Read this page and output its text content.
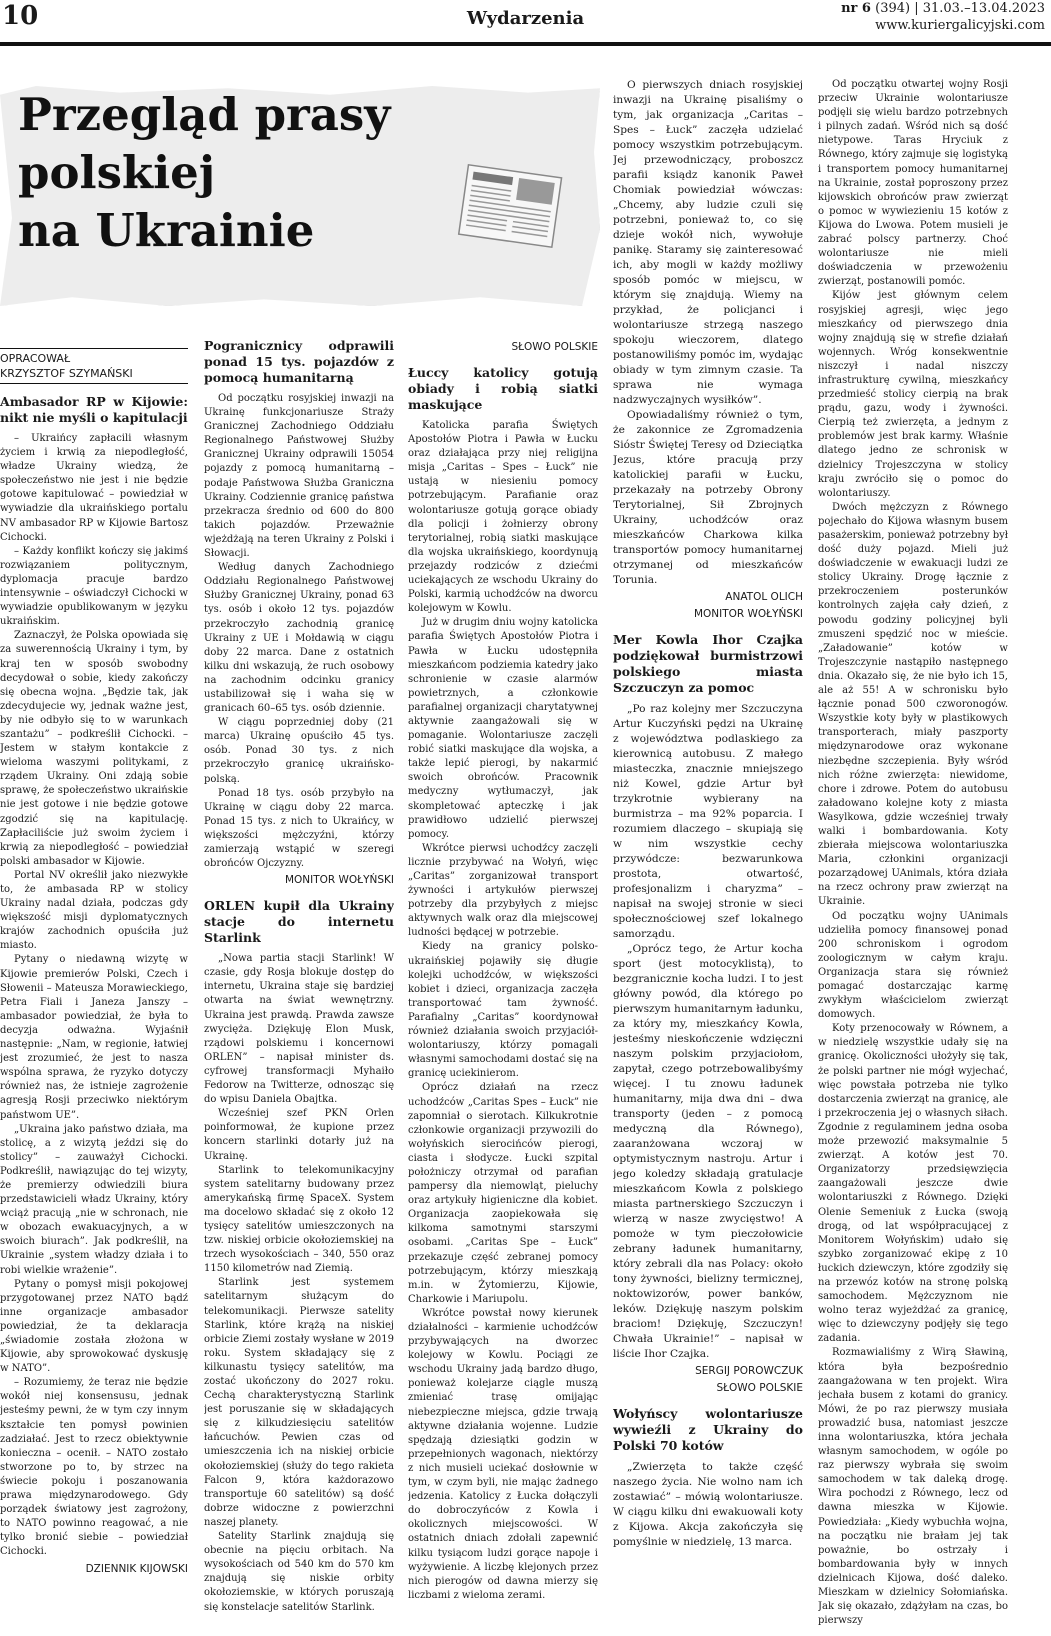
10	Wydarzenia	nr 6 (394) | 31.03.–13.04.2023
www.kuriergalicyjski.com
Przegląd prasy
polskiej
na Ukrainie
OPRACOWAŁ
KRZYSZTOF SZYMAŃSKI
Ambasador RP w Kijowie: nikt nie myśli o kapitulacji

– Ukraińcy zapłacili własnym życiem i krwią za niepodległość, władze Ukrainy wiedzą, że społeczeństwo nie jest i nie będzie gotowe kapitulować – powiedział w wywiadzie dla ukraińskiego portalu NV ambasador RP w Kijowie Bartosz Cichocki.

– Każdy konflikt kończy się jakimś rozwiązaniem politycznym, dyplomacja pracuje bardzo intensywnie – oświadczył Cichocki w wywiadzie opublikowanym w języku ukraińskim.

Zaznaczył, że Polska opowiada się za suwerennością Ukrainy i tym, by kraj ten w sposób swobodny decydował o sobie, kiedy zakończy się obecna wojna. „Będzie tak, jak zdecydujecie wy, jednak ważne jest, by nie odbyło się to w warunkach szantażu” – podkreślił Cichocki. – Jestem w stałym kontakcie z wieloma waszymi politykami, z rządem Ukrainy. Oni zdają sobie sprawę, że społeczeństwo ukraińskie nie jest gotowe i nie będzie gotowe zgodzić się na kapitulację. Zapłaciliście już swoim życiem i krwią za niepodległość – powiedział polski ambasador w Kijowie.

Portal NV określił jako niezwykłe to, że ambasada RP w stolicy Ukrainy nadal działa, podczas gdy większość misji dyplomatycznych krajów zachodnich opuściła już miasto.

Pytany o niedawną wizytę w Kijowie premierów Polski, Czech i Słowenii – Mateusza Morawieckiego, Petra Fiali i Janeza Janszy – ambasador powiedział, że była to decyzja odważna. Wyjaśnił następnie: „Nam, w regionie, łatwiej jest zrozumieć, że jest to nasza wspólna sprawa, że ryzyko dotyczy również nas, że istnieje zagrożenie agresją Rosji przeciwko niektórym państwom UE”.

„Ukraina jako państwo działa, ma stolicę, a z wizytą jeździ się do stolicy” – zauważył Cichocki. Podkreślił, nawiązując do tej wizyty, że premierzy odwiedzili biura przedstawicieli władz Ukrainy, który wciąż pracują „nie w schronach, nie w obozach ewakuacyjnych, a w swoich biurach”. Jak podkreślił, na Ukrainie „system władzy działa i to robi wielkie wrażenie”.

Pytany o pomysł misji pokojowej przygotowanej przez NATO bądź inne organizacje ambasador powiedział, że ta deklaracja „świadomie została złożona w Kijowie, aby sprowokować dyskusję w NATO”.

– Rozumiemy, że teraz nie będzie wokół niej konsensusu, jednak jesteśmy pewni, że w tym czy innym kształcie ten pomysł powinien zadziałać. Jest to rzecz obiektywnie konieczna – ocenił. – NATO zostało stworzone po to, by strzec na świecie pokoju i poszanowania prawa międzynarodowego. Gdy porządek światowy jest zagrożony, to NATO powinno reagować, a nie tylko bronić siebie – powiedział Cichocki.

DZIENNIK KIJOWSKI
Pogranicznicy odprawili ponad 15 tys. pojazdów z pomocą humanitarną

Od początku rosyjskiej inwazji na Ukrainę funkcjonariusze Straży Granicznej Zachodniego Oddziału Regionalnego Państwowej Służby Granicznej Ukrainy odprawili 15054 pojazdy z pomocą humanitarną – podaje Państwowa Służba Graniczna Ukrainy. Codziennie granicę państwa przekracza średnio od 600 do 800 takich pojazdów. Przeważnie wjeżdżają na teren Ukrainy z Polski i Słowacji.

Według danych Zachodniego Oddziału Regionalnego Państwowej Służby Granicznej Ukrainy, ponad 63 tys. osób i około 12 tys. pojazdów przekroczyło zachodnią granicę Ukrainy z UE i Mołdawią w ciągu doby 22 marca. Dane z ostatnich kilku dni wskazują, że ruch osobowy na zachodnim odcinku granicy ustabilizował się i waha się w granicach 60–65 tys. osób dziennie.

W ciągu poprzedniej doby (21 marca) Ukrainę opuściło 45 tys. osób. Ponad 30 tys. z nich przekroczyło granicę ukraińsko-polską.

Ponad 18 tys. osób przybyło na Ukrainę w ciągu doby 22 marca. Ponad 15 tys. z nich to Ukraińcy, w większości mężczyźni, którzy zamierzają wstąpić w szeregi obrońców Ojczyzny.

MONITOR WOŁYŃSKI
ORLEN kupił dla Ukrainy stacje do internetu Starlink

„Nowa partia stacji Starlink! W czasie, gdy Rosja blokuje dostęp do internetu, Ukraina staje się bardziej otwarta na świat wewnętrzny. Ukraina jest prawdą. Prawda zawsze zwycięża. Dziękuję Elon Musk, rządowi polskiemu i koncernowi ORLEN” – napisał minister ds. cyfrowej transformacji Myhaiło Fedorow na Twitterze, odnosząc się do wpisu Daniela Obajtka.

Wcześniej szef PKN Orlen poinformował, że kupione przez koncern starlinki dotarły już na Ukrainę.

Starlink to telekomunikacyjny system satelitarny budowany przez amerykańską firmę SpaceX. System ma docelowo składać się z około 12 tysięcy satelitów umieszczonych na tzw. niskiej orbicie okołoziemskiej na trzech wysokościach – 340, 550 oraz 1150 kilometrów nad Ziemią.

Starlink jest systemem satelitarnym służącym do telekomunikacji. Pierwsze satelity Starlink, które krążą na niskiej orbicie Ziemi zostały wysłane w 2019 roku. System składający się z kilkunastu tysięcy satelitów, ma zostać ukończony do 2027 roku. Cechą charakterystyczną Starlink jest poruszanie się w składających się z kilkudziesięciu satelitów łańcuchów. Pewien czas od umieszczenia ich na niskiej orbicie okołoziemskiej (służy do tego rakieta Falcon 9, która każdorazowo transportuje 60 satelitów) są dość dobrze widoczne z powierzchni naszej planety.

Satelity Starlink znajdują się obecnie na pięciu orbitach. Na wysokościach od 540 km do 570 km znajdują się niskie orbity okołoziemskie, w których poruszają się konstelacje satelitów Starlink.

SŁOWO POLSKIE
Łuccy katolicy gotują obiady i robią siatki maskujące

Katolicka parafia Świętych Apostołów Piotra i Pawła w Łucku oraz działająca przy niej religijna misja „Caritas – Spes – Łuck” nie ustają w niesieniu pomocy potrzebującym. Parafianie oraz wolontariusze gotują gorące obiady dla policji i żołnierzy obrony terytorialnej, robią siatki maskujące dla wojska ukraińskiego, koordynują przejazdy rodziców z dziećmi uciekających ze wschodu Ukrainy do Polski, karmią uchodźców na dworcu kolejowym w Kowlu.

Już w drugim dniu wojny katolicka parafia Świętych Apostołów Piotra i Pawła w Łucku udostępniła mieszkańcom podziemia katedry jako schronienie w czasie alarmów powietrznych, a członkowie parafialnej organizacji charytatywnej aktywnie zaangażowali się w pomaganie. Wolontariusze zaczęli robić siatki maskujące dla wojska, a także lepić pierogi, by nakarmić swoich obrońców. Pracownik medyczny wytłumaczył, jak skompletować apteczkę i jak prawidłowo udzielić pierwszej pomocy.

Wkrótce pierwsi uchodźcy zaczęli licznie przybywać na Wołyń, więc „Caritas” zorganizował transport żywności i artykułów pierwszej potrzeby dla przybyłych z miejsc aktywnych walk oraz dla miejscowej ludności będącej w potrzebie.

Kiedy na granicy polsko-ukraińskiej pojawiły się długie kolejki uchodźców, w większości kobiet i dzieci, organizacja zaczęła transportować tam żywność. Parafialny „Caritas” koordynował również działania swoich przyjaciół-wolontariuszy, którzy pomagali własnymi samochodami dostać się na granicę uciekinierom.

Oprócz działań na rzecz uchodźców „Caritas Spes – Łuck” nie zapomniał o sierotach. Kilkukrotnie członkowie organizacji przywozili do wołyńskich sierocińców pierogi, ciasta i słodycze. Łucki szpital położniczy otrzymał od parafian pampersy dla niemowląt, pieluchy oraz artykuły higieniczne dla kobiet. Organizacja zaopiekowała się kilkoma samotnymi starszymi osobami. „Caritas Spe – Łuck” przekazuje część zebranej pomocy potrzebującym, którzy mieszkają m.in. w Żytomierzu, Kijowie, Charkowie i Mariupolu.

Wkrótce powstał nowy kierunek działalności – karmienie uchodźców przybywających na dworzec kolejowy w Kowlu. Pociągi ze wschodu Ukrainy jadą bardzo długo, ponieważ kolejarze ciągle muszą zmieniać trasę omijając niebezpieczne miejsca, gdzie trwają aktywne działania wojenne. Ludzie spędzają dziesiątki godzin w przepełnionych wagonach, niektórzy z nich musieli uciekać dosłownie w tym, w czym byli, nie mając żadnego jedzenia. Katolicy z Łucka dołączyli do dobroczyńców z Kowla i okolicznych miejscowości. W ostatnich dniach zdołali zapewnić kilku tysiącom ludzi gorące napoje i wyżywienie. A liczbę klejonych przez nich pierogów od dawna mierzy się liczbami z wieloma zerami.

O pierwszych dniach rosyjskiej inwazji na Ukrainę pisaliśmy o tym, jak organizacja „Caritas – Spes – Łuck” zaczęła udzielać pomocy wszystkim potrzebującym. Jej przewodniczący, proboszcz parafii ksiądz kanonik Paweł Chomiak powiedział wówczas: „Chcemy, aby ludzie czuli się potrzebni, ponieważ to, co się dzieje wokół nich, wywołuje panikę. Staramy się zainteresować ich, aby mogli w każdy możliwy sposób pomóc w miejscu, w którym się znajdują. Wiemy na przykład, że policjanci i wolontariusze strzegą naszego spokoju wieczorem, dlatego postanowiliśmy pomóc im, wydając obiady w tym zimnym czasie. Ta sprawa nie wymaga nadzwyczajnych wysiłków”.

Opowiadaliśmy również o tym, że zakonnice ze Zgromadzenia Sióstr Świętej Teresy od Dzieciątka Jezus, które pracują przy katolickiej parafii w Łucku, przekazały na potrzeby Obrony Terytorialnej, Sił Zbrojnych Ukrainy, uchodźców oraz mieszkańców Charkowa kilka transportów pomocy humanitarnej otrzymanej od mieszkańców Torunia.

ANATOL OLICH
MONITOR WOŁYŃSKI
Mer Kowla Ihor Czajka podziękował burmistrzowi polskiego miasta Szczuczyn za pomoc

„Po raz kolejny mer Szczuczyna Artur Kuczyński pędzi na Ukrainę z województwa podlaskiego za kierownicą autobusu. Z małego miasteczka, znacznie mniejszego niż Kowel, gdzie Artur był trzykrotnie wybierany na burmistrza – ma 92% poparcia. I rozumiem dlaczego – skupiają się w nim wszystkie cechy przywódcze: bezwarunkowa prostota, otwartość, profesjonalizm i charyzma” – napisał na swojej stronie w sieci społecznościowej szef lokalnego samorządu.

„Oprócz tego, że Artur kocha sport (jest motocyklistą), to bezgranicznie kocha ludzi. I to jest główny powód, dla którego po pierwszym humanitarnym ładunku, za który my, mieszkańcy Kowla, jesteśmy nieskończenie wdzięczni naszym polskim przyjaciołom, zapytał, czego potrzebowalibyśmy więcej. I tu znowu ładunek humanitarny, mija dwa dni – dwa transporty (jeden – z pomocą medyczną dla Równego), zaaranżowana wczoraj w optymistycznym nastroju. Artur i jego koledzy składają gratulacje mieszkańcom Kowla z polskiego miasta partnerskiego Szczuczyn i wierzą w nasze zwycięstwo! A pomoże w tym pieczołowicie zebrany ładunek humanitarny, który zebrali dla nas Polacy: około tony żywności, bielizny termicznej, noktowizorów, power banków, leków. Dziękuję naszym polskim braciom! Dziękuję, Szczuczyn! Chwała Ukrainie!” – napisał w liście Ihor Czajka.

SERGIJ POROWCZUK
SŁOWO POLSKIE
Wołyńscy wolontariusze wywieźli z Ukrainy do Polski 70 kotów

„Zwierzęta to także część naszego życia. Nie wolno nam ich zostawiać” – mówią wolontariusze. W ciągu kilku dni ewakuowali koty z Kijowa. Akcja zakończyła się pomyślnie w niedzielę, 13 marca.

Od początku otwartej wojny Rosji przeciw Ukrainie wolontariusze podjęli się wielu bardzo potrzebnych i pilnych zadań. Wśród nich są dość nietypowe. Taras Hryciuk z Równego, który zajmuje się logistyką i transportem pomocy humanitarnej na Ukrainie, został poproszony przez kijowskich obrońców praw zwierząt o pomoc w wywiezieniu 15 kotów z Kijowa do Lwowa. Potem musieli je zabrać polscy partnerzy. Choć wolontariusze nie mieli doświadczenia w przewożeniu zwierząt, postanowili pomóc.

Kijów jest głównym celem rosyjskiej agresji, więc jego mieszkańcy od pierwszego dnia wojny znajdują się w strefie działań wojennych. Wróg konsekwentnie niszczył i nadal niszczy infrastrukturę cywilną, mieszkańcy przedmieść stolicy cierpią na brak prądu, gazu, wody i żywności. Cierpią też zwierzęta, a jednym z problemów jest brak karmy. Właśnie dlatego jedno ze schronisk w dzielnicy Trojeszczyna w stolicy kraju zwróciło się o pomoc do wolontariuszy.

Dwóch mężczyzn z Równego pojechało do Kijowa własnym busem pasażerskim, ponieważ potrzebny był dość duży pojazd. Mieli już doświadczenie w ewakuacji ludzi ze stolicy Ukrainy. Drogę łącznie z przekroczeniem posterunków kontrolnych zajęła cały dzień, z powodu godziny policyjnej byli zmuszeni spędzić noc w mieście. „Załadowanie” kotów w Trojeszczynie nastąpiło następnego dnia. Okazało się, że nie było ich 15, ale aż 55! A w schronisku było łącznie ponad 500 czworonogów. Wszystkie koty były w plastikowych transporterach, miały paszporty międzynarodowe oraz wykonane niezbędne szczepienia. Były wśród nich różne zwierzęta: niewidome, chore i zdrowe. Potem do autobusu załadowano kolejne koty z miasta Wasylkowa, gdzie wcześniej trwały walki i bombardowania. Koty zbierała miejscowa wolontariuszka Maria, członkini organizacji pozarządowej UAnimals, która działa na rzecz ochrony praw zwierząt na Ukrainie.

Od początku wojny UAnimals udzieliła pomocy finansowej ponad 200 schroniskom i ogrodom zoologicznym w całym kraju. Organizacja stara się również pomagać dostarczając karmę zwykłym właścicielom zwierząt domowych.

Koty przenocowały w Równem, a w niedzielę wszystkie udały się na granicę. Okoliczności ułożyły się tak, że polski partner nie mógł wyjechać, więc powstała potrzeba nie tylko dostarczenia zwierząt na granicę, ale i przekroczenia jej o własnych siłach. Zgodnie z regulaminem jedna osoba może przewozić maksymalnie 5 zwierząt. A kotów jest 70. Organizatorzy przedsięwzięcia zaangażowali jeszcze dwie wolontariuszki z Równego. Dzięki Olenie Semeniuk z Łucka (swoją drogą, od lat współpracującej z Monitorem Wołyńskim) udało się szybko zorganizować ekipę z 10 łuckich dziewczyn, które zgodziły się na przewóz kotów na stronę polską samochodem. Mężczyznom nie wolno teraz wyjeżdżać za granicę, więc to dziewczyny podjęły się tego zadania.

Rozmawialiśmy z Wirą Sławiną, która była bezpośrednio zaangażowana w ten projekt. Wira jechała busem z kotami do granicy. Mówi, że po raz pierwszy musiała prowadzić busa, natomiast jeszcze inna wolontariuszka, która jechała własnym samochodem, w ogóle po raz pierwszy wybrała się swoim samochodem w tak daleką drogę. Wira pochodzi z Równego, lecz od dawna mieszka w Kijowie. Powiedziała: „Kiedy wybuchła wojna, na początku nie brałam jej tak poważnie, bo ostrzały i bombardowania były w innych dzielnicach Kijowa, dość daleko. Mieszkam w dzielnicy Sołomiańska. Jak się okazało, zdążyłam na czas, bo pierwszy
